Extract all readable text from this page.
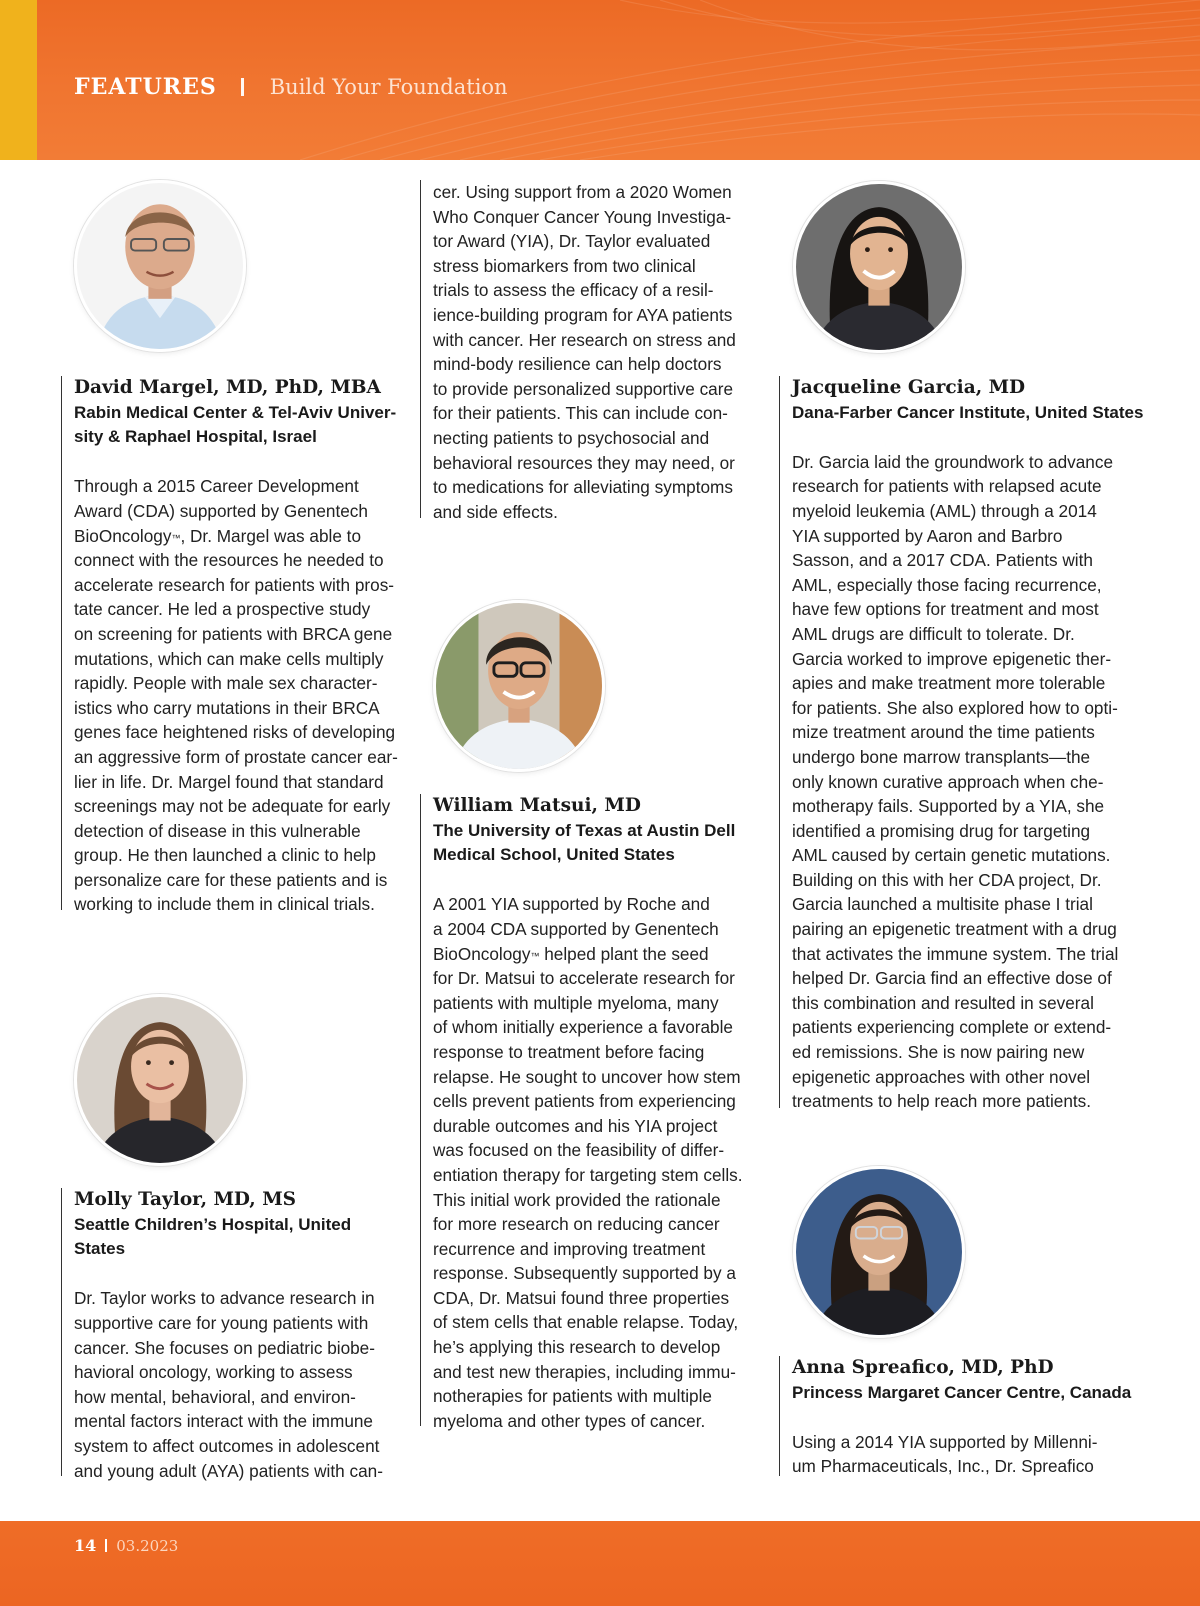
FEATURES	Build Your Foundation
David Margel, MD, PhD, MBA
Rabin Medical Center & Tel-Aviv Univer-
sity & Raphael Hospital, Israel
Through a 2015 Career Development
Award (CDA) supported by Genentech
BioOncology™, Dr. Margel was able to
connect with the resources he needed to
accelerate research for patients with pros-
tate cancer. He led a prospective study
on screening for patients with BRCA gene
mutations, which can make cells multiply
rapidly. People with male sex character-
istics who carry mutations in their BRCA
genes face heightened risks of developing
an aggressive form of prostate cancer ear-
lier in life. Dr. Margel found that standard
screenings may not be adequate for early
detection of disease in this vulnerable
group. He then launched a clinic to help
personalize care for these patients and is
working to include them in clinical trials.
Molly Taylor, MD, MS
Seattle Children’s Hospital, United
States
Dr. Taylor works to advance research in
supportive care for young patients with
cancer. She focuses on pediatric biobe-
havioral oncology, working to assess
how mental, behavioral, and environ-
mental factors interact with the immune
system to affect outcomes in adolescent
and young adult (AYA) patients with can-
cer. Using support from a 2020 Women
Who Conquer Cancer Young Investiga-
tor Award (YIA), Dr. Taylor evaluated
stress biomarkers from two clinical
trials to assess the efficacy of a resil-
ience-building program for AYA patients
with cancer. Her research on stress and
mind-body resilience can help doctors
to provide personalized supportive care
for their patients. This can include con-
necting patients to psychosocial and
behavioral resources they may need, or
to medications for alleviating symptoms
and side effects.
William Matsui, MD
The University of Texas at Austin Dell
Medical School, United States
A 2001 YIA supported by Roche and
a 2004 CDA supported by Genentech
BioOncology™ helped plant the seed
for Dr. Matsui to accelerate research for
patients with multiple myeloma, many
of whom initially experience a favorable
response to treatment before facing
relapse. He sought to uncover how stem
cells prevent patients from experiencing
durable outcomes and his YIA project
was focused on the feasibility of differ-
entiation therapy for targeting stem cells.
This initial work provided the rationale
for more research on reducing cancer
recurrence and improving treatment
response. Subsequently supported by a
CDA, Dr. Matsui found three properties
of stem cells that enable relapse. Today,
he’s applying this research to develop
and test new therapies, including immu-
notherapies for patients with multiple
myeloma and other types of cancer.
Jacqueline Garcia, MD
Dana-Farber Cancer Institute, United States
Dr. Garcia laid the groundwork to advance
research for patients with relapsed acute
myeloid leukemia (AML) through a 2014
YIA supported by Aaron and Barbro
Sasson, and a 2017 CDA. Patients with
AML, especially those facing recurrence,
have few options for treatment and most
AML drugs are difficult to tolerate. Dr.
Garcia worked to improve epigenetic ther-
apies and make treatment more tolerable
for patients. She also explored how to opti-
mize treatment around the time patients
undergo bone marrow transplants—the
only known curative approach when che-
motherapy fails. Supported by a YIA, she
identified a promising drug for targeting
AML caused by certain genetic mutations.
Building on this with her CDA project, Dr.
Garcia launched a multisite phase I trial
pairing an epigenetic treatment with a drug
that activates the immune system. The trial
helped Dr. Garcia find an effective dose of
this combination and resulted in several
patients experiencing complete or extend-
ed remissions. She is now pairing new
epigenetic approaches with other novel
treatments to help reach more patients.
Anna Spreafico, MD, PhD
Princess Margaret Cancer Centre, Canada
Using a 2014 YIA supported by Millenni-
um Pharmaceuticals, Inc., Dr. Spreafico
14 03.2023
